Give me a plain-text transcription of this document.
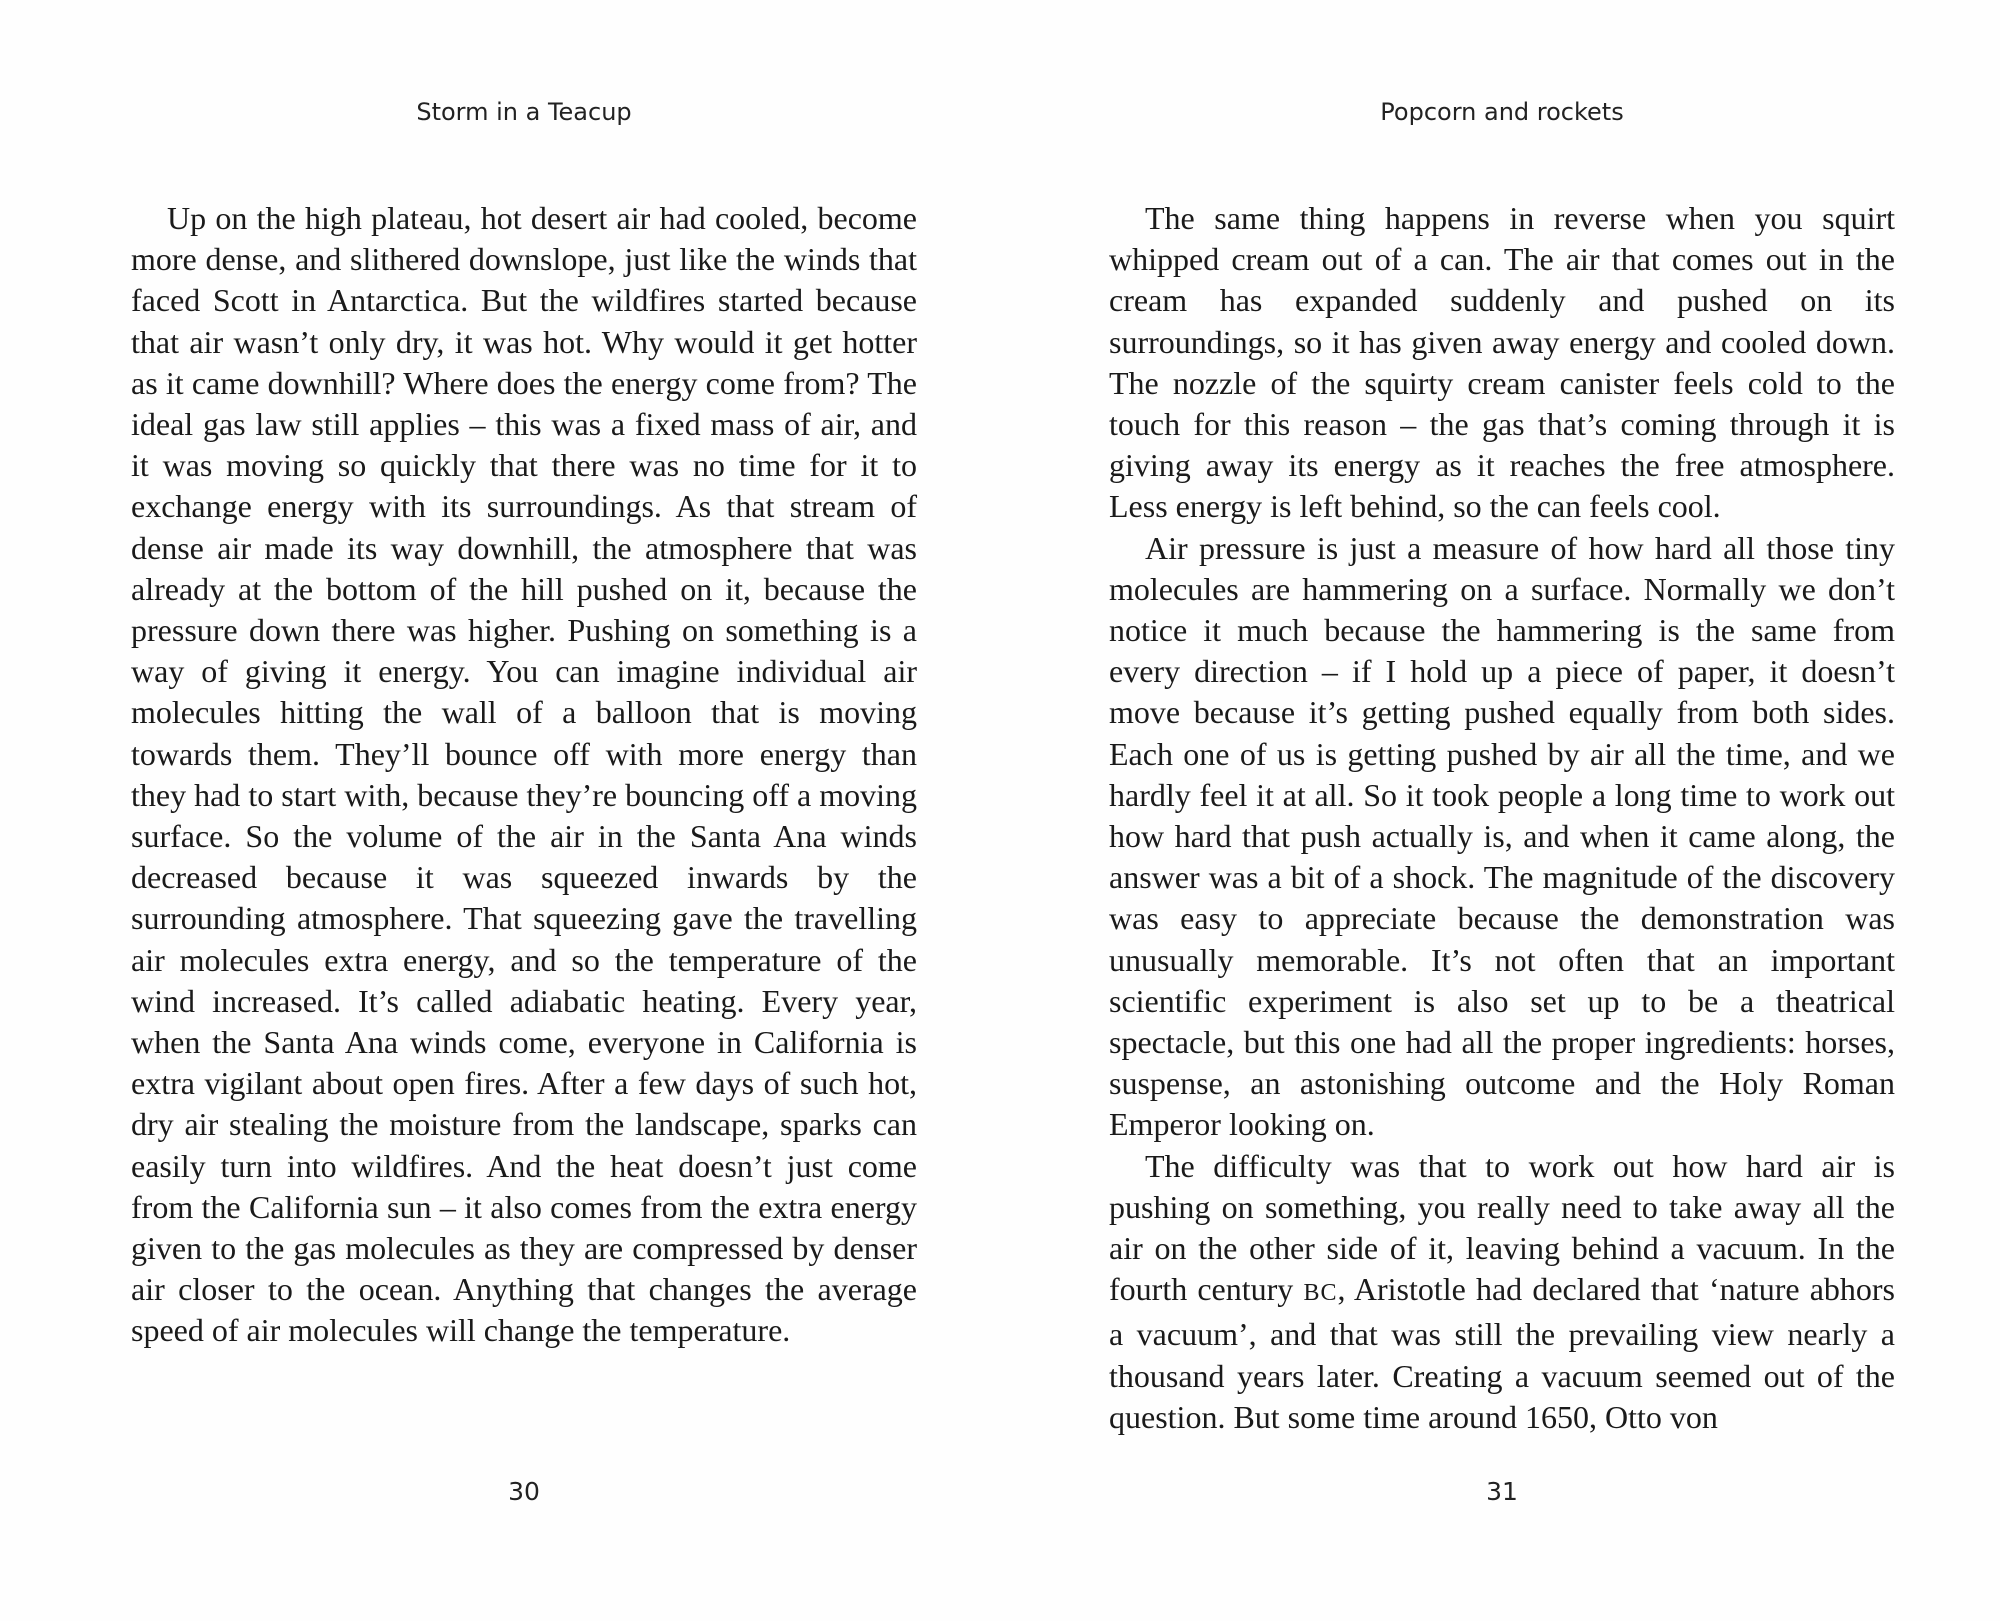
Storm in a Teacup

Up on the high plateau, hot desert air had cooled, become more dense, and slithered downslope, just like the winds that faced Scott in Antarctica. But the wildfires started because that air wasn’t only dry, it was hot. Why would it get hotter as it came downhill? Where does the energy come from? The ideal gas law still applies – this was a fixed mass of air, and it was moving so quickly that there was no time for it to exchange energy with its surroundings. As that stream of dense air made its way downhill, the atmosphere that was already at the bottom of the hill pushed on it, because the pressure down there was higher. Pushing on something is a way of giving it energy. You can imagine individual air molecules hitting the wall of a balloon that is moving towards them. They’ll bounce off with more energy than they had to start with, because they’re bouncing off a moving surface. So the volume of the air in the Santa Ana winds decreased because it was squeezed inwards by the surrounding atmosphere. That squeezing gave the travelling air molecules extra energy, and so the temperature of the wind increased. It’s called adiabatic heating. Every year, when the Santa Ana winds come, everyone in California is extra vigilant about open fires. After a few days of such hot, dry air stealing the moisture from the landscape, sparks can easily turn into wildfires. And the heat doesn’t just come from the California sun – it also comes from the extra energy given to the gas molecules as they are compressed by denser air closer to the ocean. Anything that changes the average speed of air molecules will change the temperature.

30
Popcorn and rockets

The same thing happens in reverse when you squirt whipped cream out of a can. The air that comes out in the cream has expanded suddenly and pushed on its surroundings, so it has given away energy and cooled down. The nozzle of the squirty cream canister feels cold to the touch for this reason – the gas that’s coming through it is giving away its energy as it reaches the free atmosphere. Less energy is left behind, so the can feels cool.

Air pressure is just a measure of how hard all those tiny molecules are hammering on a surface. Normally we don’t notice it much because the hammering is the same from every direction – if I hold up a piece of paper, it doesn’t move because it’s getting pushed equally from both sides. Each one of us is getting pushed by air all the time, and we hardly feel it at all. So it took people a long time to work out how hard that push actually is, and when it came along, the answer was a bit of a shock. The magnitude of the discovery was easy to appreciate because the demonstration was unusually memorable. It’s not often that an important scientific experiment is also set up to be a theatrical spectacle, but this one had all the proper ingredients: horses, suspense, an astonishing outcome and the Holy Roman Emperor looking on.

The difficulty was that to work out how hard air is pushing on something, you really need to take away all the air on the other side of it, leaving behind a vacuum. In the fourth century BC, Aristotle had declared that ‘nature abhors a vacuum’, and that was still the prevailing view nearly a thousand years later. Creating a vacuum seemed out of the question. But some time around 1650, Otto von

31
